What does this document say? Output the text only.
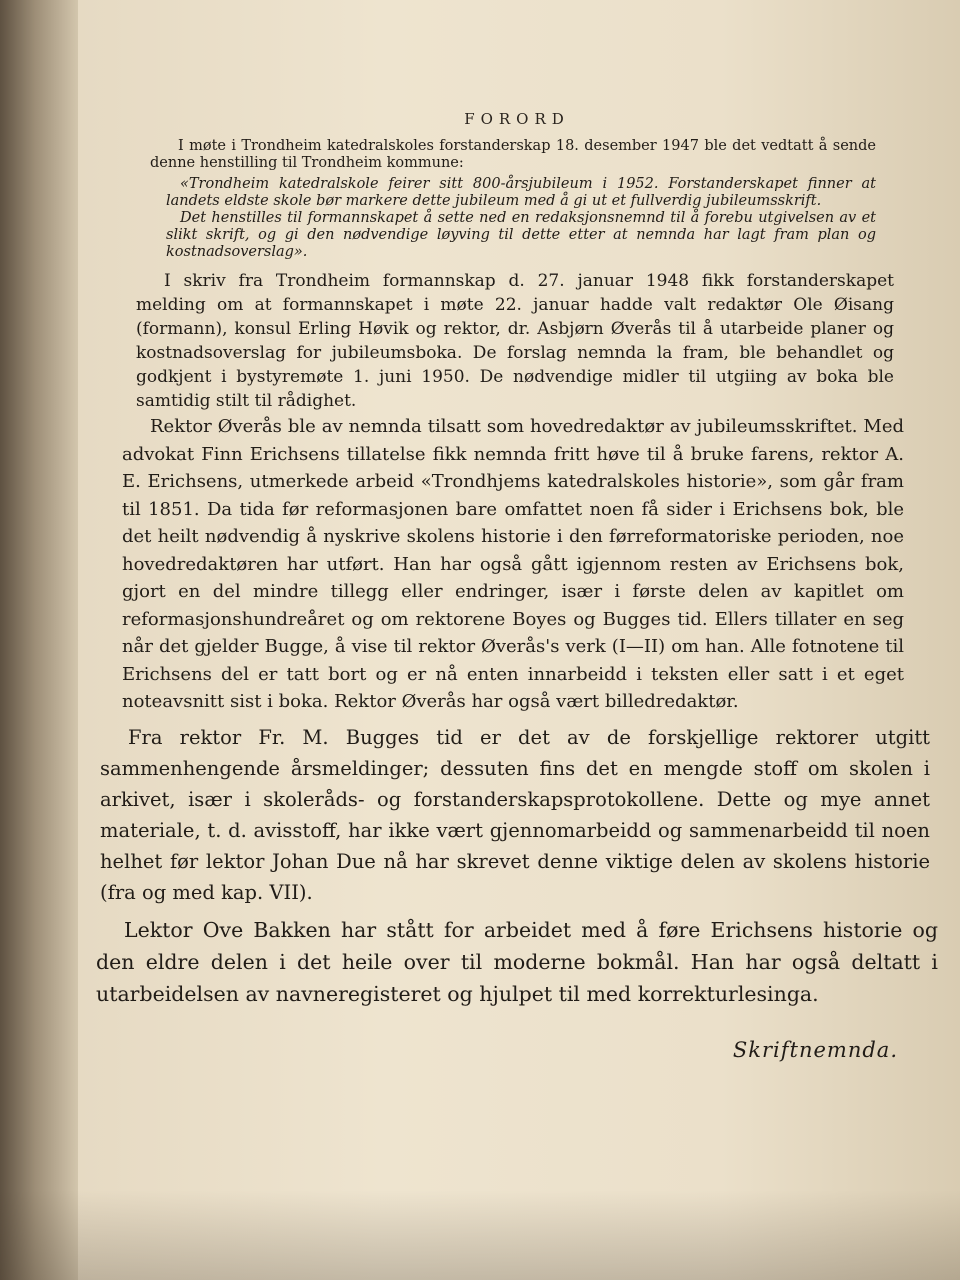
FORORD

I møte i Trondheim katedralskoles forstanderskap 18. desember 1947 ble det vedtatt å sende denne henstilling til Trondheim kommune:

«Trondheim katedralskole feirer sitt 800-årsjubileum i 1952. Forstanderskapet finner at landets eldste skole bør markere dette jubileum med å gi ut et fullverdig jubileumsskrift.

Det henstilles til formannskapet å sette ned en redaksjonsnemnd til å forebu utgivelsen av et slikt skrift, og gi den nødvendige løyving til dette etter at nemnda har lagt fram plan og kostnadsoverslag».

I skriv fra Trondheim formannskap d. 27. januar 1948 fikk forstanderskapet melding om at formannskapet i møte 22. januar hadde valt redaktør Ole Øisang (formann), konsul Erling Høvik og rektor, dr. Asbjørn Øverås til å utarbeide planer og kostnadsoverslag for jubileumsboka. De forslag nemnda la fram, ble behandlet og godkjent i bystyremøte 1. juni 1950. De nødvendige midler til utgiing av boka ble samtidig stilt til rådighet.

Rektor Øverås ble av nemnda tilsatt som hovedredaktør av jubileumsskriftet. Med advokat Finn Erichsens tillatelse fikk nemnda fritt høve til å bruke farens, rektor A. E. Erichsens, utmerkede arbeid «Trondhjems katedralskoles historie», som går fram til 1851. Da tida før reformasjonen bare omfattet noen få sider i Erichsens bok, ble det heilt nødvendig å nyskrive skolens historie i den førreformatoriske perioden, noe hovedredaktøren har utført. Han har også gått igjennom resten av Erichsens bok, gjort en del mindre tillegg eller endringer, især i første delen av kapitlet om reformasjonshundreåret og om rektorene Boyes og Bugges tid. Ellers tillater en seg når det gjelder Bugge, å vise til rektor Øverås's verk (I—II) om han. Alle fotnotene til Erichsens del er tatt bort og er nå enten innarbeidd i teksten eller satt i et eget noteavsnitt sist i boka. Rektor Øverås har også vært billedredaktør.

Fra rektor Fr. M. Bugges tid er det av de forskjellige rektorer utgitt sammenhengende årsmeldinger; dessuten fins det en mengde stoff om skolen i arkivet, især i skoleråds- og forstanderskapsprotokollene. Dette og mye annet materiale, t. d. avisstoff, har ikke vært gjennomarbeidd og sammenarbeidd til noen helhet før lektor Johan Due nå har skrevet denne viktige delen av skolens historie (fra og med kap. VII).

Lektor Ove Bakken har stått for arbeidet med å føre Erichsens historie og den eldre delen i det heile over til moderne bokmål. Han har også deltatt i utarbeidelsen av navneregisteret og hjulpet til med korrekturlesinga.

Skriftnemnda.
